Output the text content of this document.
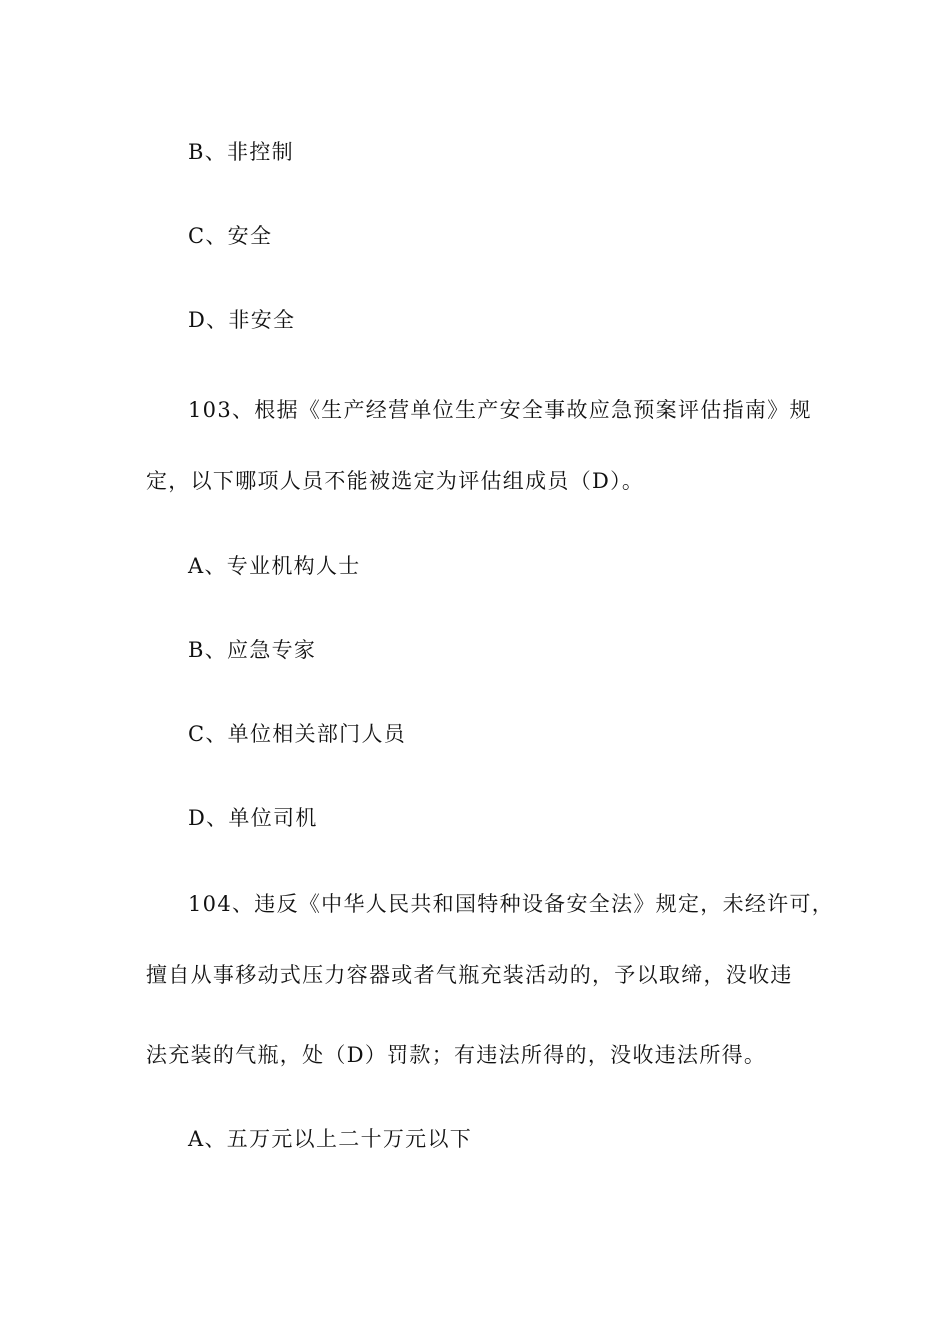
B、非控制
C、安全
D、非安全
103、根据《生产经营单位生产安全事故应急预案评估指南》规
定，以下哪项人员不能被选定为评估组成员（D）。
A、专业机构人士
B、应急专家
C、单位相关部门人员
D、单位司机
104、违反《中华人民共和国特种设备安全法》规定，未经许可，
擅自从事移动式压力容器或者气瓶充装活动的，予以取缔，没收违
法充装的气瓶，处（D）罚款；有违法所得的，没收违法所得。
A、五万元以上二十万元以下
